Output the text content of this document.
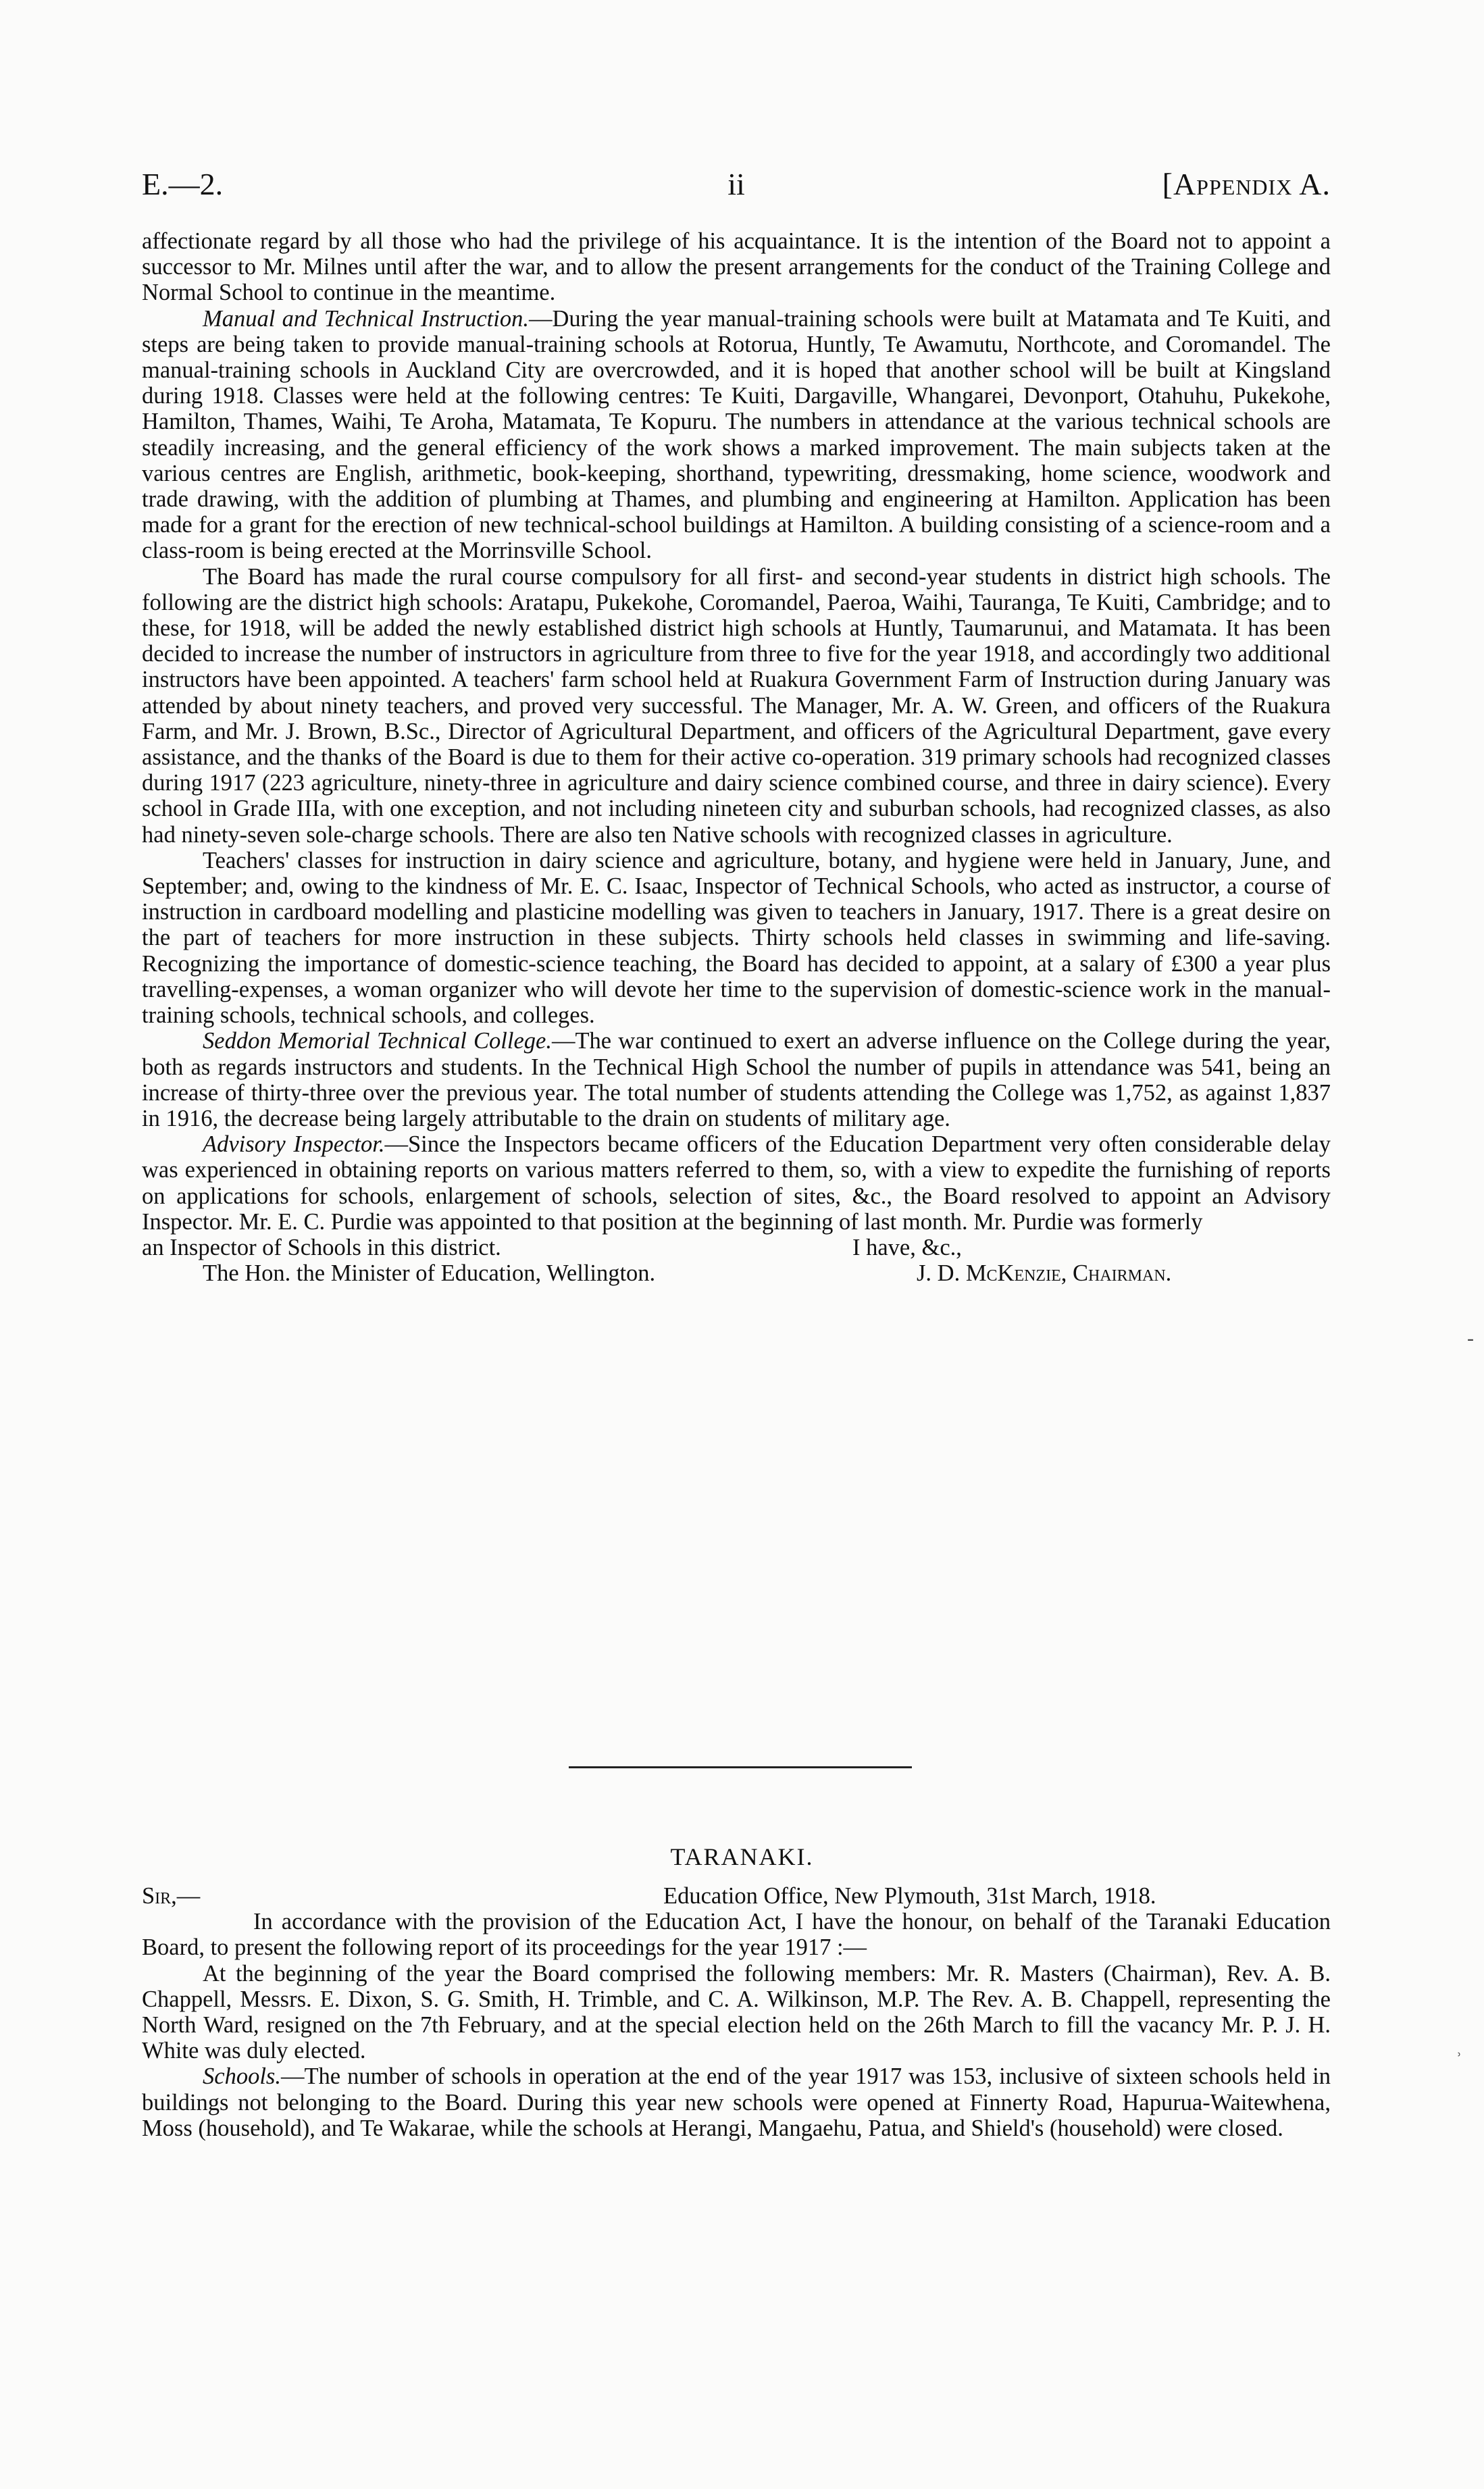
E.—2.	ii	[Appendix A.

affectionate regard by all those who had the privilege of his acquaintance. It is the intention of the Board not to appoint a successor to Mr. Milnes until after the war, and to allow the present arrangements for the conduct of the Training College and Normal School to continue in the meantime.

Manual and Technical Instruction.—During the year manual-training schools were built at Matamata and Te Kuiti, and steps are being taken to provide manual-training schools at Rotorua, Huntly, Te Awamutu, Northcote, and Coromandel. The manual-training schools in Auckland City are overcrowded, and it is hoped that another school will be built at Kingsland during 1918. Classes were held at the following centres: Te Kuiti, Dargaville, Whangarei, Devonport, Otahuhu, Pukekohe, Hamilton, Thames, Waihi, Te Aroha, Matamata, Te Kopuru. The numbers in attendance at the various technical schools are steadily increasing, and the general efficiency of the work shows a marked improvement. The main subjects taken at the various centres are English, arithmetic, book-keeping, shorthand, typewriting, dressmaking, home science, woodwork and trade drawing, with the addition of plumbing at Thames, and plumbing and engineering at Hamilton. Application has been made for a grant for the erection of new technical-school buildings at Hamilton. A building consisting of a science-room and a class-room is being erected at the Morrinsville School.

The Board has made the rural course compulsory for all first- and second-year students in district high schools. The following are the district high schools: Aratapu, Pukekohe, Coromandel, Paeroa, Waihi, Tauranga, Te Kuiti, Cambridge; and to these, for 1918, will be added the newly established district high schools at Huntly, Taumarunui, and Matamata. It has been decided to increase the number of instructors in agriculture from three to five for the year 1918, and accordingly two additional instructors have been appointed. A teachers' farm school held at Ruakura Government Farm of Instruction during January was attended by about ninety teachers, and proved very successful. The Manager, Mr. A. W. Green, and officers of the Ruakura Farm, and Mr. J. Brown, B.Sc., Director of Agricultural Department, and officers of the Agricultural Department, gave every assistance, and the thanks of the Board is due to them for their active co-operation. 319 primary schools had recognized classes during 1917 (223 agriculture, ninety-three in agriculture and dairy science combined course, and three in dairy science). Every school in Grade IIIa, with one exception, and not including nineteen city and suburban schools, had recognized classes, as also had ninety-seven sole-charge schools. There are also ten Native schools with recognized classes in agriculture.

Teachers' classes for instruction in dairy science and agriculture, botany, and hygiene were held in January, June, and September; and, owing to the kindness of Mr. E. C. Isaac, Inspector of Technical Schools, who acted as instructor, a course of instruction in cardboard modelling and plasticine modelling was given to teachers in January, 1917. There is a great desire on the part of teachers for more instruction in these subjects. Thirty schools held classes in swimming and life-saving. Recognizing the importance of domestic-science teaching, the Board has decided to appoint, at a salary of £300 a year plus travelling-expenses, a woman organizer who will devote her time to the supervision of domestic-science work in the manual-training schools, technical schools, and colleges.

Seddon Memorial Technical College.—The war continued to exert an adverse influence on the College during the year, both as regards instructors and students. In the Technical High School the number of pupils in attendance was 541, being an increase of thirty-three over the previous year. The total number of students attending the College was 1,752, as against 1,837 in 1916, the decrease being largely attributable to the drain on students of military age.

Advisory Inspector.—Since the Inspectors became officers of the Education Department very often considerable delay was experienced in obtaining reports on various matters referred to them, so, with a view to expedite the furnishing of reports on applications for schools, enlargement of schools, selection of sites, &c., the Board resolved to appoint an Advisory Inspector. Mr. E. C. Purdie was appointed to that position at the beginning of last month. Mr. Purdie was formerly

an Inspector of Schools in this district.	I have, &c.,
The Hon. the Minister of Education, Wellington.	J. D. McKenzie, Chairman.
TARANAKI.
Sir,—	Education Office, New Plymouth, 31st March, 1918.

In accordance with the provision of the Education Act, I have the honour, on behalf of the Taranaki Education Board, to present the following report of its proceedings for the year 1917 :—

At the beginning of the year the Board comprised the following members: Mr. R. Masters (Chairman), Rev. A. B. Chappell, Messrs. E. Dixon, S. G. Smith, H. Trimble, and C. A. Wilkinson, M.P. The Rev. A. B. Chappell, representing the North Ward, resigned on the 7th February, and at the special election held on the 26th March to fill the vacancy Mr. P. J. H. White was duly elected.

Schools.—The number of schools in operation at the end of the year 1917 was 153, inclusive of sixteen schools held in buildings not belonging to the Board. During this year new schools were opened at Finnerty Road, Hapurua-Waitewhena, Moss (household), and Te Wakarae, while the schools at Herangi, Mangaehu, Patua, and Shield's (household) were closed.

‐
˒
